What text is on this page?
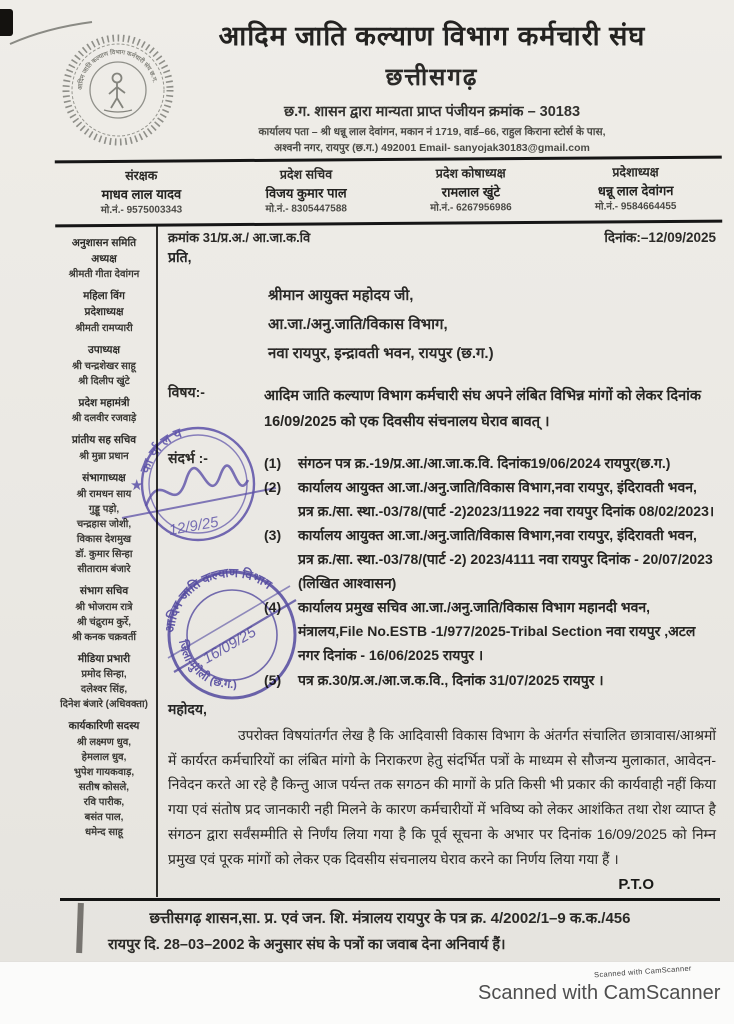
आदिम जाति कल्याण विभाग कर्मचारी संघ छ.ग.
आदिम जाति कल्याण विभाग कर्मचारी संघ
छत्तीसगढ़
छ.ग. शासन द्वारा मान्यता प्राप्त पंजीयन क्रमांक – 30183
कार्यालय पता – श्री धन्नू लाल देवांगन, मकान नं 1719, वार्ड–66, राहुल किराना स्टोर्स के पास,
अश्वनी नगर, रायपुर (छ.ग.) 492001 Email- sanyojak30183@gmail.com
संरक्षक
माधव लाल यादव
मो.नं.- 9575003343
प्रदेश सचिव
विजय कुमार पाल
मो.नं.- 8305447588
प्रदेश कोषाध्यक्ष
रामलाल खुंटे
मो.नं.- 6267956986
प्रदेशाध्यक्ष
धन्नू लाल देवांगन
मो.नं.- 9584664455
अनुशासन समिति
अध्यक्ष
श्रीमती गीता देवांगन
महिला विंग
प्रदेशाध्यक्ष
श्रीमती रामप्यारी
उपाध्यक्ष
श्री चन्द्रशेखर साहू
श्री दिलीप खुंटे
प्रदेश महामंत्री
श्री दलवीर रजवाड़े
प्रांतीय सह सचिव
श्री मुन्ना प्रधान
संभागाध्यक्ष
श्री रामधन साय
गुड्डू पड़ो,
चन्द्रहास जोशी,
विकास देशमुख
डॉ. कुमार सिन्हा
सीताराम बंजारे
संभाग सचिव
श्री भोजराम रात्रे
श्री चंद्रुराम कुर्रे,
श्री कनक चक्रवर्ती
मीडिया प्रभारी
प्रमोद सिन्हा,
दलेश्वर सिंह,
दिनेश बंजारे (अधिवक्ता)
कार्यकारिणी सदस्य
श्री लक्ष्मण धुव,
हेमलाल धुव,
भुपेश गायकवाड़,
सतीष कोसले,
रवि पारीक,
बसंत पाल,
धमेन्द साहू
क्रमांक 31/प्र.अ./ आ.जा.क.वि	दिनांक:–12/09/2025
प्रति,
श्रीमान आयुक्त महोदय जी,
आ.जा./अनु.जाति/विकास विभाग,
नवा रायपुर, इन्द्रावती भवन, रायपुर (छ.ग.)
विषय:-	आदिम जाति कल्याण विभाग कर्मचारी संघ अपने लंबित विभिन्न मांगों को लेकर दिनांक 16/09/2025 को एक दिवसीय संचनालय घेराव बावत् ।
संदर्भ :-	(1)	संगठन पत्र क्र.-19/प्र.आ./आ.जा.क.वि. दिनांक19/06/2024 रायपुर(छ.ग.)
(2)	कार्यालय आयुक्त आ.जा./अनु.जाति/विकास विभाग,नवा रायपुर, इंदिरावती भवन, प्रत्र क्र./सा. स्था.-03/78/(पार्ट -2)2023/11922 नवा रायपुर दिनांक 08/02/2023।
(3)	कार्यालय आयुक्त आ.जा./अनु.जाति/विकास विभाग,नवा रायपुर, इंदिरावती भवन, प्रत्र क्र./सा. स्था.-03/78/(पार्ट -2) 2023/4111 नवा रायपुर दिनांक - 20/07/2023 (लिखित आश्वासन)
(4)	कार्यालय प्रमुख सचिव आ.जा./अनु.जाति/विकास विभाग महानदी भवन, मंत्रालय,File No.ESTB -1/977/2025-Tribal Section नवा रायपुर ,अटल नगर दिनांक - 16/06/2025 रायपुर ।
(5)	पत्र क्र.30/प्र.अ./आ.ज.क.वि., दिनांक 31/07/2025 रायपुर ।
महोदय,
उपरोक्त विषयांतर्गत लेख है कि आदिवासी विकास विभाग के अंतर्गत संचालित छात्रावास/आश्रमों में कार्यरत कर्मचारियों का लंबित मांगो के निराकरण हेतु संदर्भित पत्रों के माध्यम से सौजन्य मुलाकात, आवेदन-निवेदन करते आ रहे है किन्तु आज पर्यन्त तक सगठन की मागों के प्रति किसी भी प्रकार की कार्यवाही नहीं किया गया एवं संतोष प्रद जानकारी नही मिलने के कारण कर्मचारीयों में भविष्य को लेकर आशंकित तथा रोश व्याप्त है संगठन द्वारा सर्वंसम्मीति से निर्णंय लिया गया है कि पूर्व सूचना के अभार पर दिनांक 16/09/2025 को निम्न प्रमुख एवं पूरक मांगों को लेकर एक दिवसीय संचनालय घेराव करने का निर्णय लिया गया हैं ।
P.T.O
छत्तीसगढ़ शासन,सा. प्र. एवं जन. शि. मंत्रालय रायपुर के पत्र क्र. 4/2002/1–9 क.क./456
रायपुर दि. 28–03–2002 के अनुसार संघ के पत्रों का जवाब देना अनिवार्य हैं।
★
कार्यालय
12/9/25
आदिम जाति कल्याण विभाग
जिला-मुंगेली (छ.ग.)
16/09/25
Scanned with CamScanner
Scanned with CamScanner
